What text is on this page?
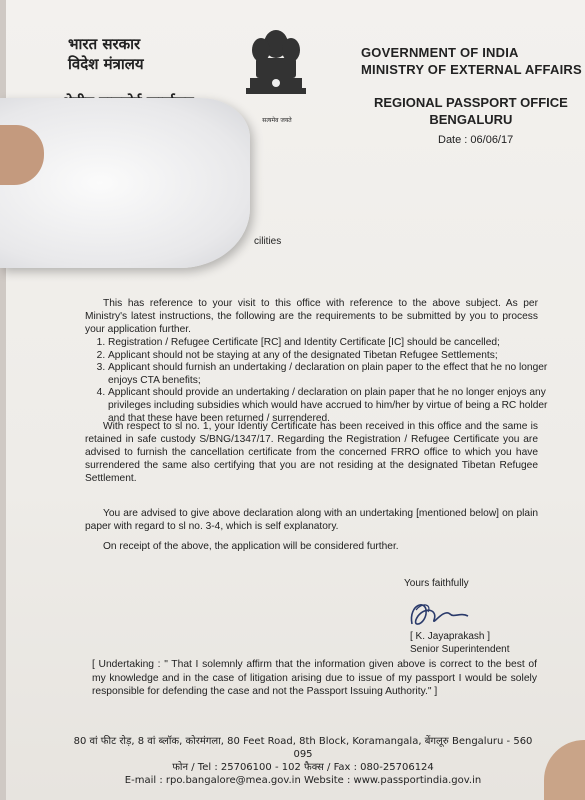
भारत सरकार
विदेश मंत्रालय
सत्यमेव जयते
GOVERNMENT OF INDIA
MINISTRY OF EXTERNAL AFFAIRS
REGIONAL PASSPORT OFFICE
BENGALURU
Date : 06/06/17
cilities
This has reference to your visit to this office with reference to the above subject. As per Ministry's latest instructions, the following are the requirements to be submitted by you to process your application further.
1. Registration / Refugee Certificate [RC] and Identity Certificate [IC] should be cancelled;
2. Applicant should not be staying at any of the designated Tibetan Refugee Settlements;
3. Applicant should furnish an undertaking / declaration on plain paper to the effect that he no longer enjoys CTA benefits;
4. Applicant should provide an undertaking / declaration on plain paper that he no longer enjoys any privileges including subsidies which would have accrued to him/her by virtue of being a RC holder and that these have been returned / surrendered.
With respect to sl no. 1, your Identiy Certificate has been received in this office and the same is retained in safe custody S/BNG/1347/17. Regarding the Registration / Refugee Certificate you are advised to furnish the cancellation certificate from the concerned FRRO office to which you have surrendered the same also certifying that you are not residing at the designated Tibetan Refugee Settlement.
You are advised to give above declaration along with an undertaking [mentioned below] on plain paper with regard to sl no. 3-4, which is self explanatory.
On receipt of the above, the application will be considered further.
Yours faithfully
[ K. Jayaprakash ]
Senior Superintendent
[ Undertaking : " That I solemnly affirm that the information given above is correct to the best of my knowledge and in the case of litigation arising due to issue of my passport I would be solely responsible for defending the case and not the Passport Issuing Authority." ]
80 वां फीट रोड़, 8 वां ब्लॉक, कोरमंगला, 80 Feet Road, 8th Block, Koramangala, बेंगलूरु Bengaluru - 560 095
फोन / Tel : 25706100 - 102 फैक्स / Fax : 080-25706124
E-mail : rpo.bangalore@mea.gov.in Website : www.passportindia.gov.in
